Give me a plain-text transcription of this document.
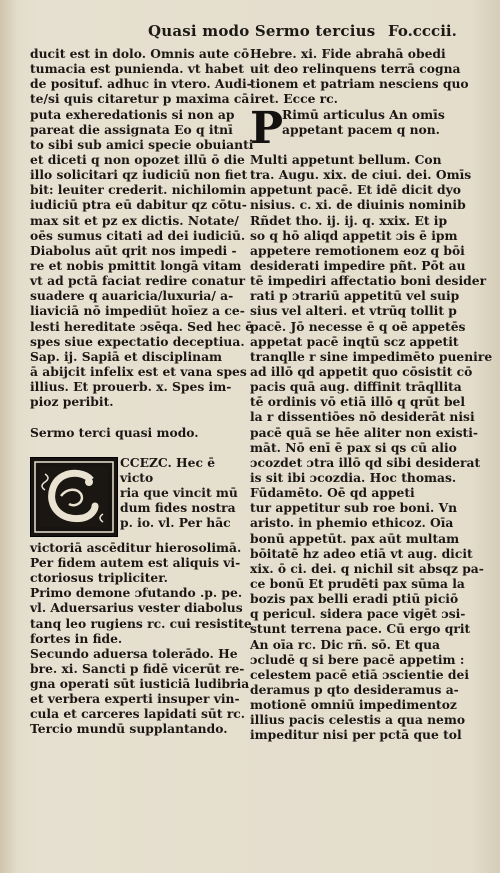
Quasi modo Sermo tercius Fo.cccii.
ducit est in dolo. Omnis aute cō
tumacia est punienda. vt habet
de posituf. adhuc in vtero. Audi-
te/si quis citaretur p maxima cā
puta exheredationis si non ap
pareat die assignata Eo q itnī
to sibi sub amici specie obuianti
et diceti q non opozet illū ō die
illo solicitari qz iudiciū non fiet
bit: leuiter crederit. nichilomin
iudiciū ptra eū dabitur qz cōtu-
max sit et pz ex dictis. Notate/
oēs sumus citati ad dei iudiciū.
Diabolus aūt qrit nos impedi -
re et nobis pmittit longā vitam
vt ad pctā faciat redire conatur
suadere q auaricia/luxuria/ a-
liaviciā nō impediūt hoīez a ce-
lesti hereditate ɔsēqa. Sed hec ē
spes siue expectatio deceptiua.
Sap. ij. Sapiā et disciplinam
ā abijcit infelix est et vana spes
illius. Et prouerb. x. Spes im-
pioz peribit.
Sermo terci quasi modo.
CCEZC. Hec ē
victo
ria que vincit mū
dum fides nostra
p. io. vl. Per hāc
victoriā ascēditur hierosolimā.
Per fidem autem est aliquis vi-
ctoriosus tripliciter.
Primo demone ɔfutando .p. pe.
vl. Aduersarius vester diabolus
tanq leo rugiens rc. cui resistite
fortes in fide.
Secundo aduersa tolerādo. He
bre. xi. Sancti p fidē vicerūt re-
gna operati sūt iusticiā ludibria
et verbera experti insuper vin-
cula et carceres lapidati sūt rc.
Tercio mundū supplantando.
Hebre. xi. Fide abrahā obedi
uit deo relinquens terrā cogna
tionem et patriam nesciens quo
iret. Ecce rc.
P
Rimū articulus An omīs
appetant pacem q non.
Multi appetunt bellum. Con
tra. Augu. xix. de ciui. dei. Omīs
appetunt pacē. Et idē dicit dyo
nisius. c. xi. de diuinis nominib
Rñdet tho. ij. ij. q. xxix. Et ip
so q hō aliqd appetit ɔis ē ipm
appetere remotionem eoz q bōi
desiderati impedire pñt. Pōt au
tē impediri affectatio boni desider
rati p ɔtrariū appetitū vel suip
sius vel alteri. et vtrūq tollit p
pacē. Jō necesse ē q oē appetēs
appetat pacē inqtū scz appetit
tranqlle r sine impedimēto puenire
ad illō qd appetit quo cōsistit cō
pacis quā aug. diffinit trāqllita
tē ordinis vō etiā illō q qrūt bel
la r dissentiōes nō desiderāt nisi
pacē quā se hēe aliter non existi-
māt. Nō enī ē pax si qs cū alio
ɔcozdet ɔtra illō qd sibi desiderat
is sit ibi ɔcozdia. Hoc thomas.
Fūdamēto. Oē qd appeti
tur appetitur sub roe boni. Vn
aristo. in phemio ethicoz. Oīa
bonū appetūt. pax aūt multam
bōitatē hz adeo etiā vt aug. dicit
xix. ō ci. dei. q nichil sit absqz pa-
ce bonū Et prudēti pax sūma la
bozis pax belli eradi ptiū piciō
q pericul. sidera pace vigēt ɔsi-
stunt terrena pace. Cū ergo qrit
An oīa rc. Dic rñ. sō. Et qua
ɔcludē q si bere pacē appetim :
celestem pacē etiā ɔscientie dei
deramus p qto desideramus a-
motionē omniū impedimentoz
illius pacis celestis a qua nemo
impeditur nisi per pctā que tol
